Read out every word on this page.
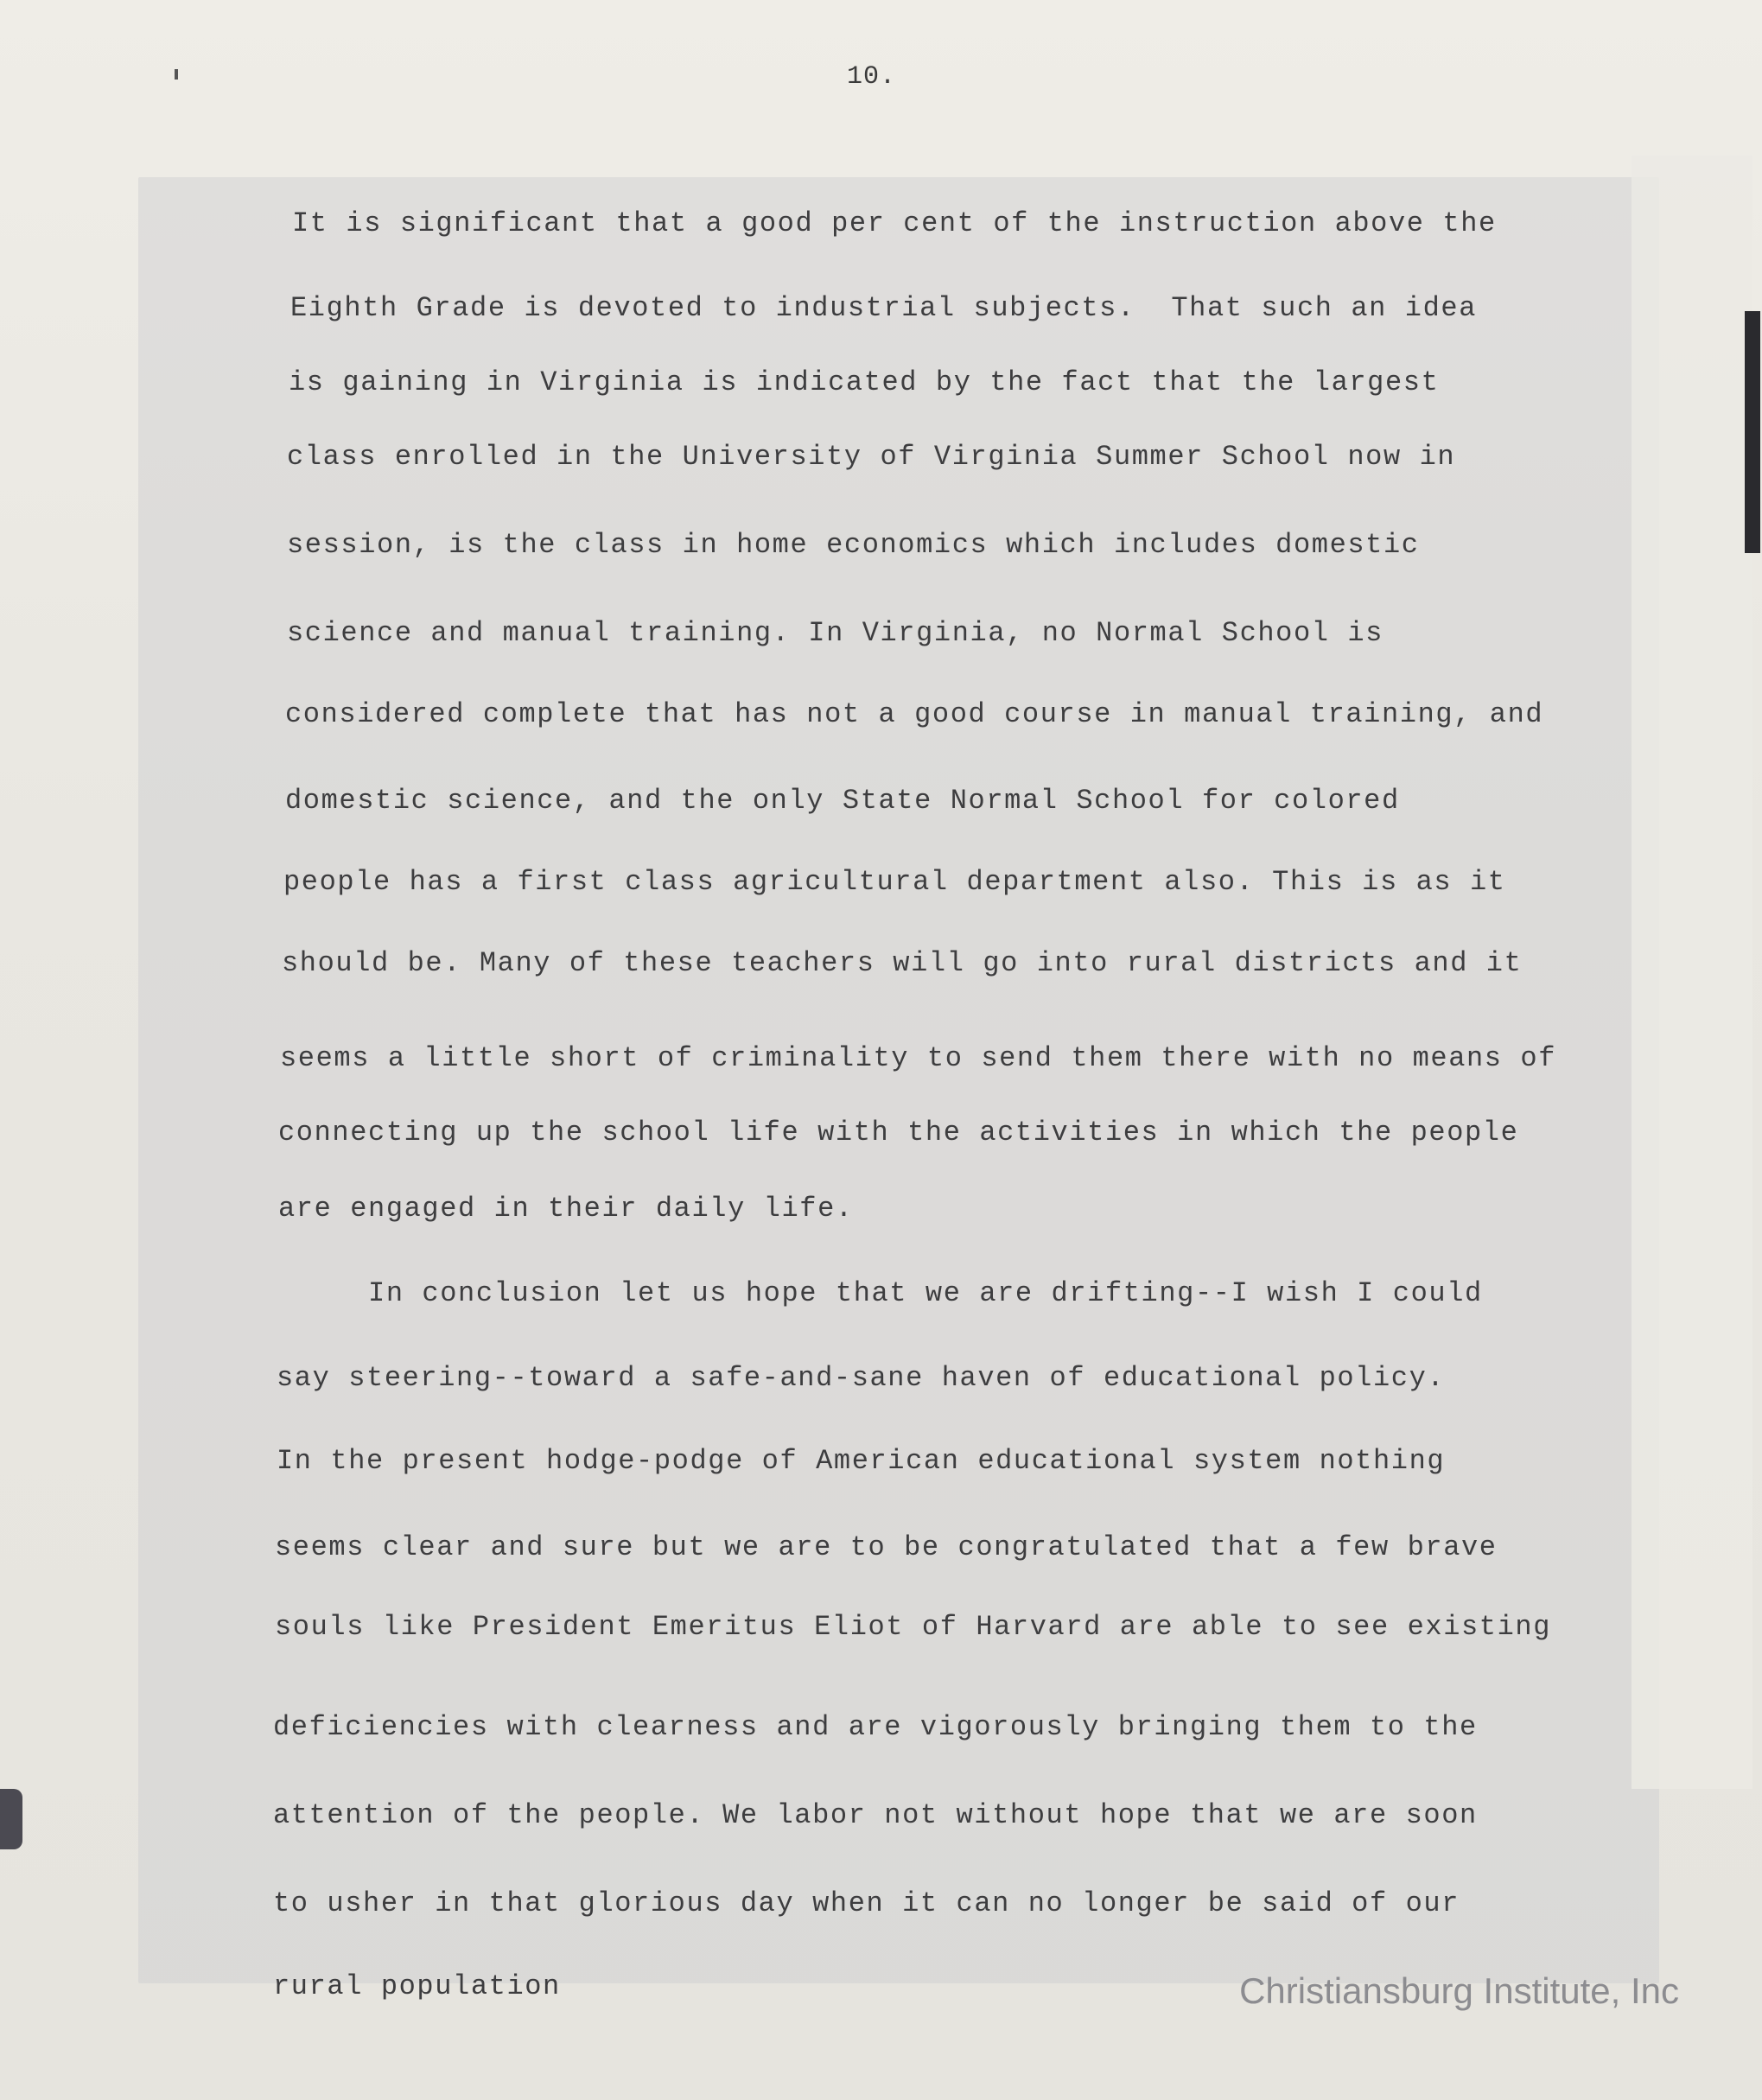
10.
It is significant that a good per cent of the instruction above the
Eighth Grade is devoted to industrial subjects.  That such an idea
is gaining in Virginia is indicated by the fact that the largest
class enrolled in the University of Virginia Summer School now in
session, is the class in home economics which includes domestic
science and manual training. In Virginia, no Normal School is
considered complete that has not a good course in manual training, and
domestic science, and the only State Normal School for colored
people has a first class agricultural department also. This is as it
should be. Many of these teachers will go into rural districts and it
seems a little short of criminality to send them there with no means of
connecting up the school life with the activities in which the people
are engaged in their daily life.
In conclusion let us hope that we are drifting--I wish I could
say steering--toward a safe-and-sane haven of educational policy.
In the present hodge-podge of American educational system nothing
seems clear and sure but we are to be congratulated that a few brave
souls like President Emeritus Eliot of Harvard are able to see existing
deficiencies with clearness and are vigorously bringing them to the
attention of the people. We labor not without hope that we are soon
to usher in that glorious day when it can no longer be said of our
rural population	Christiansburg Institute, Inc
